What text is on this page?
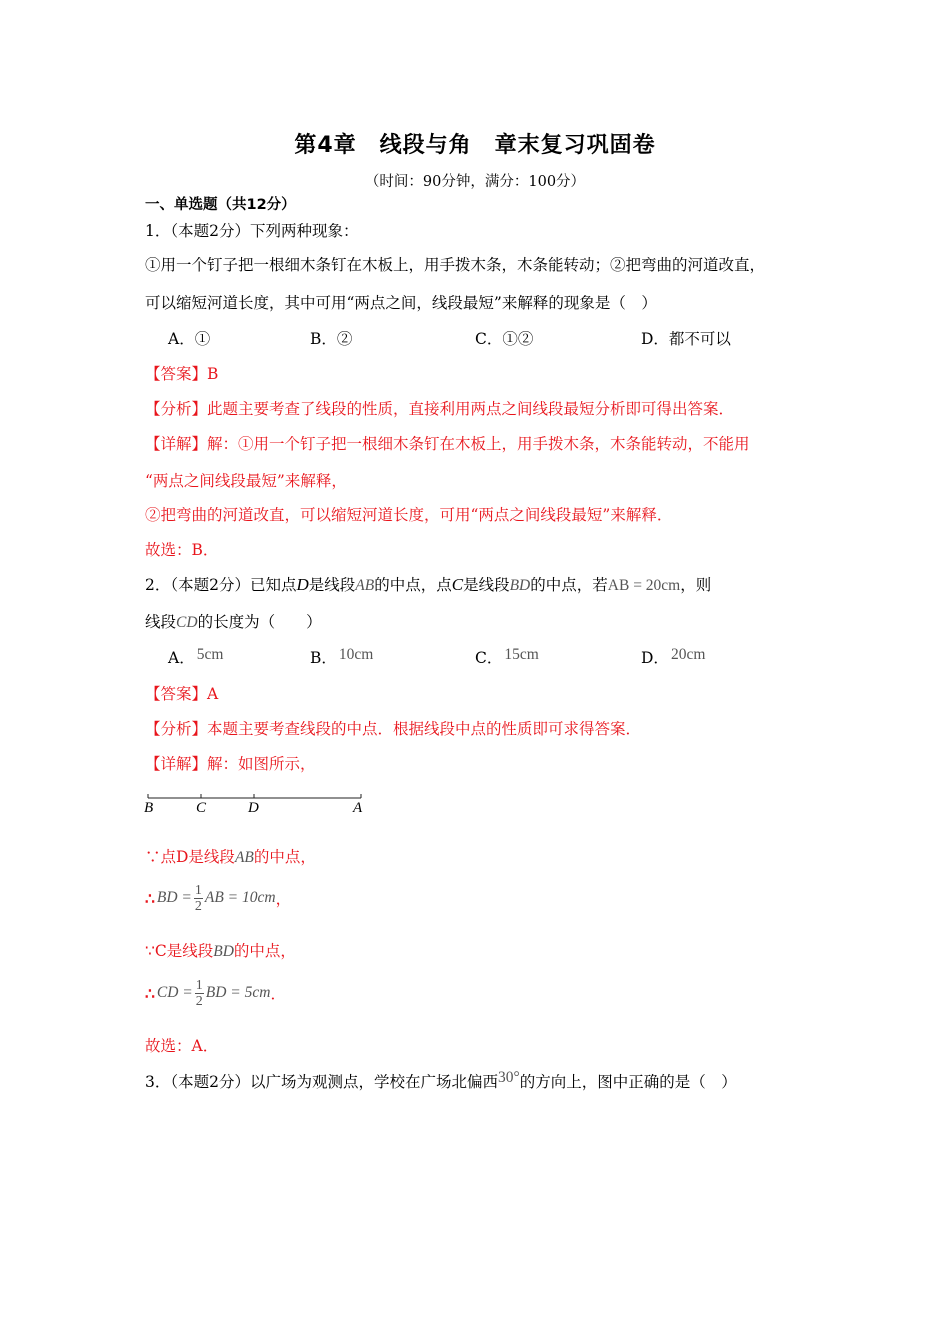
第4章　线段与角　章末复习巩固卷
（时间：90分钟，满分：100分）
一、单选题（共12分）
1．（本题2分）下列两种现象：
①用一个钉子把一根细木条钉在木板上，用手拨木条，木条能转动；②把弯曲的河道改直，
可以缩短河道长度，其中可用“两点之间，线段最短”来解释的现象是（　）
A．①	B．②	C．①②	D．都不可以
【答案】B
【分析】此题主要考查了线段的性质，直接利用两点之间线段最短分析即可得出答案．
【详解】解：①用一个钉子把一根细木条钉在木板上，用手拨木条，木条能转动，不能用
“两点之间线段最短”来解释，
②把弯曲的河道改直，可以缩短河道长度，可用“两点之间线段最短”来解释．
故选：B．
2．（本题2分）已知点D是线段AB的中点，点C是线段BD的中点，若AB = 20cm，则
线段CD的长度为（　　）
A． 5cm	B． 10cm	C． 15cm	D． 20cm
【答案】A
【分析】本题主要考查线段的中点．根据线段中点的性质即可求得答案．
【详解】解：如图所示，
B	C	D	A
∵点D是线段AB的中点，
∴ BD = $\frac{1}{2}$ AB = 10cm ，
∵C是线段BD的中点，
∴ CD = $\frac{1}{2}$ BD = 5cm ．
故选：A．
3．（本题2分）以广场为观测点，学校在广场北偏西30°的方向上，图中正确的是（　）
